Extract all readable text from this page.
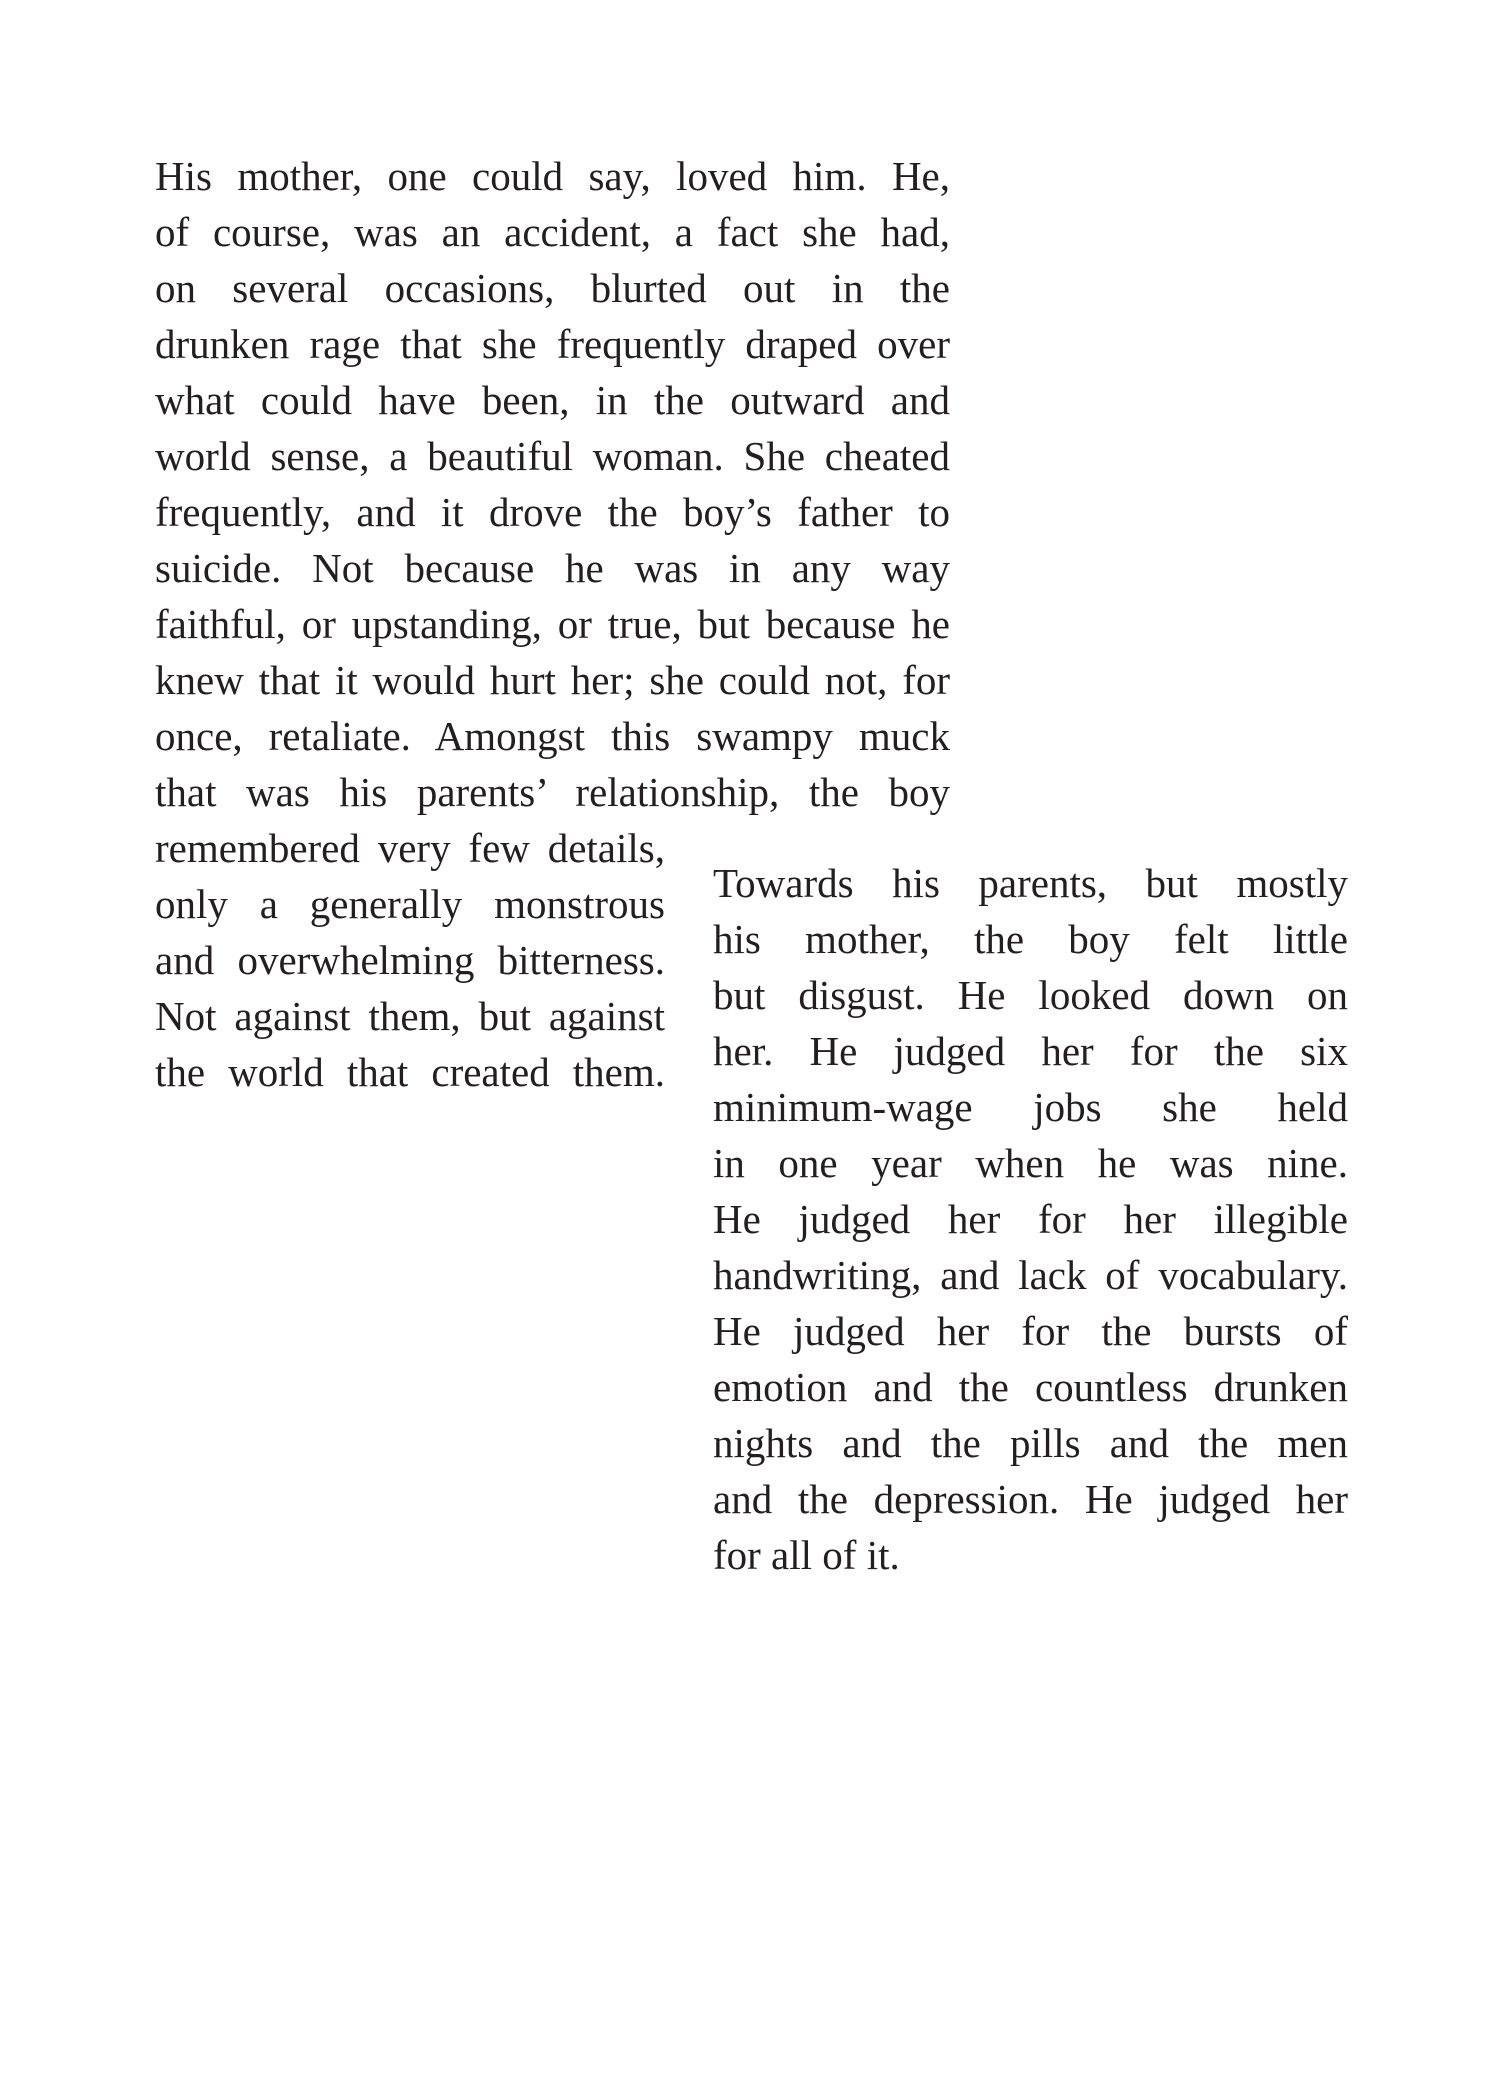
His mother, one could say, loved him. He,
of course, was an accident, a fact she had,
on several occasions, blurted out in the
drunken rage that she frequently draped over
what could have been, in the outward and
world sense, a beautiful woman. She cheated
frequently, and it drove the boy’s father to
suicide. Not because he was in any way
faithful, or upstanding, or true, but because he
knew that it would hurt her; she could not, for
once, retaliate. Amongst this swampy muck
that was his parents’ relationship, the boy
remembered very few details,
only a generally monstrous
and overwhelming bitterness.
Not against them, but against
the world that created them.
Towards his parents, but mostly
his mother, the boy felt little
but disgust. He looked down on
her. He judged her for the six
minimum-wage jobs she held
in one year when he was nine.
He judged her for her illegible
handwriting, and lack of vocabulary.
He judged her for the bursts of
emotion and the countless drunken
nights and the pills and the men
and the depression. He judged her
for all of it.
